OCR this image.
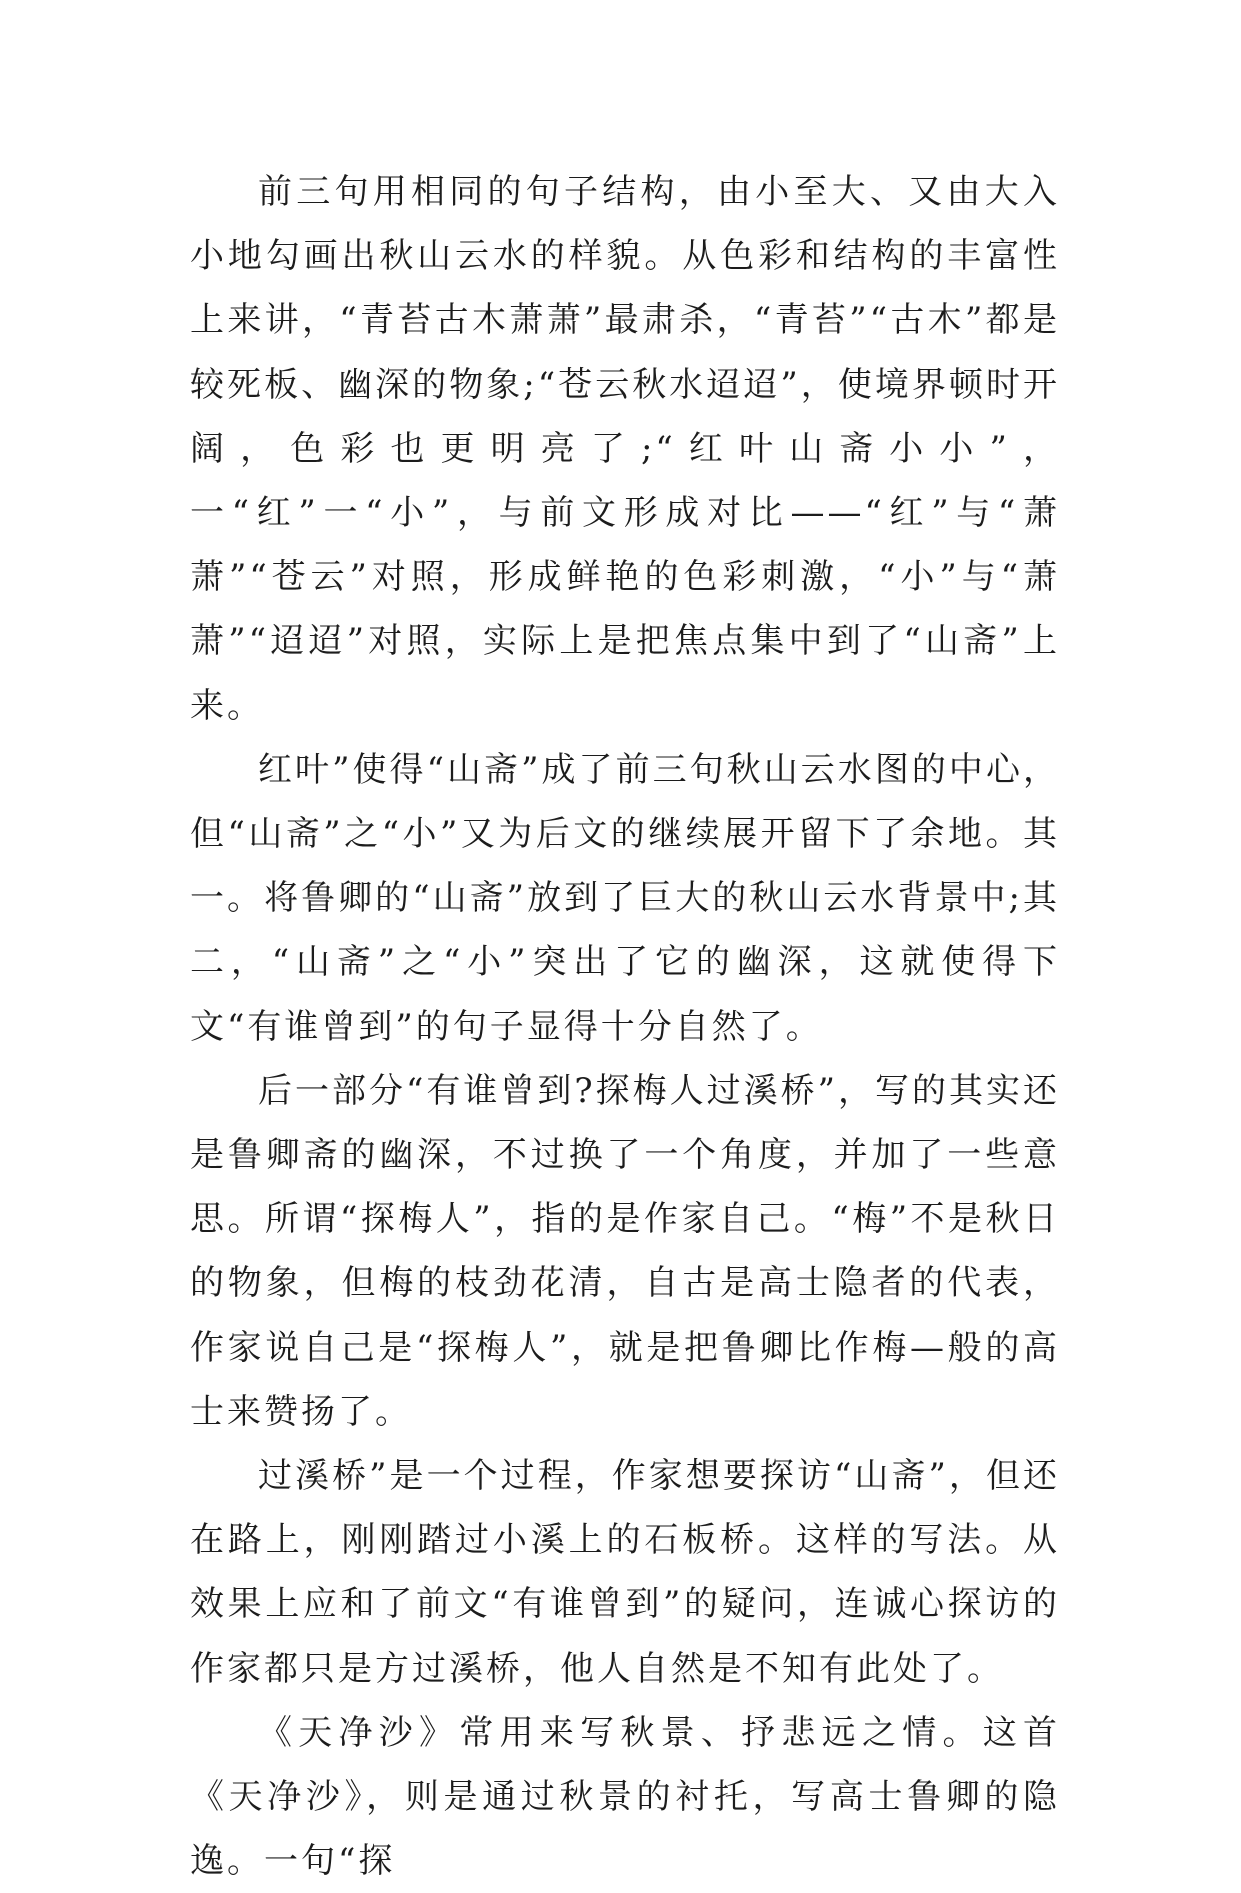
前三句用相同的句子结构，由小至大、又由大入小地勾画出秋山云水的样貌。从色彩和结构的丰富性上来讲，“青苔古木萧萧”最肃杀，“青苔”“古木”都是较死板、幽深的物象;“苍云秋水迢迢”，使境界顿时开阔，色彩也更明亮了;“红叶山斋小小”，一“红”一“小”，与前文形成对比——“红”与“萧萧”“苍云”对照，形成鲜艳的色彩刺激，“小”与“萧萧”“迢迢”对照，实际上是把焦点集中到了“山斋”上来。

红叶”使得“山斋”成了前三句秋山云水图的中心，但“山斋”之“小”又为后文的继续展开留下了余地。其一。将鲁卿的“山斋”放到了巨大的秋山云水背景中;其二，“山斋”之“小”突出了它的幽深，这就使得下文“有谁曾到”的句子显得十分自然了。

后一部分“有谁曾到?探梅人过溪桥”，写的其实还是鲁卿斋的幽深，不过换了一个角度，并加了一些意思。所谓“探梅人”，指的是作家自己。“梅”不是秋日的物象，但梅的枝劲花清，自古是高士隐者的代表，作家说自己是“探梅人”，就是把鲁卿比作梅—般的高士来赞扬了。

过溪桥”是一个过程，作家想要探访“山斋”，但还在路上，刚刚踏过小溪上的石板桥。这样的写法。从效果上应和了前文“有谁曾到”的疑问，连诚心探访的作家都只是方过溪桥，他人自然是不知有此处了。

《天净沙》常用来写秋景、抒悲远之情。这首《天净沙》，则是通过秋景的衬托，写高士鲁卿的隐逸。一句“探
